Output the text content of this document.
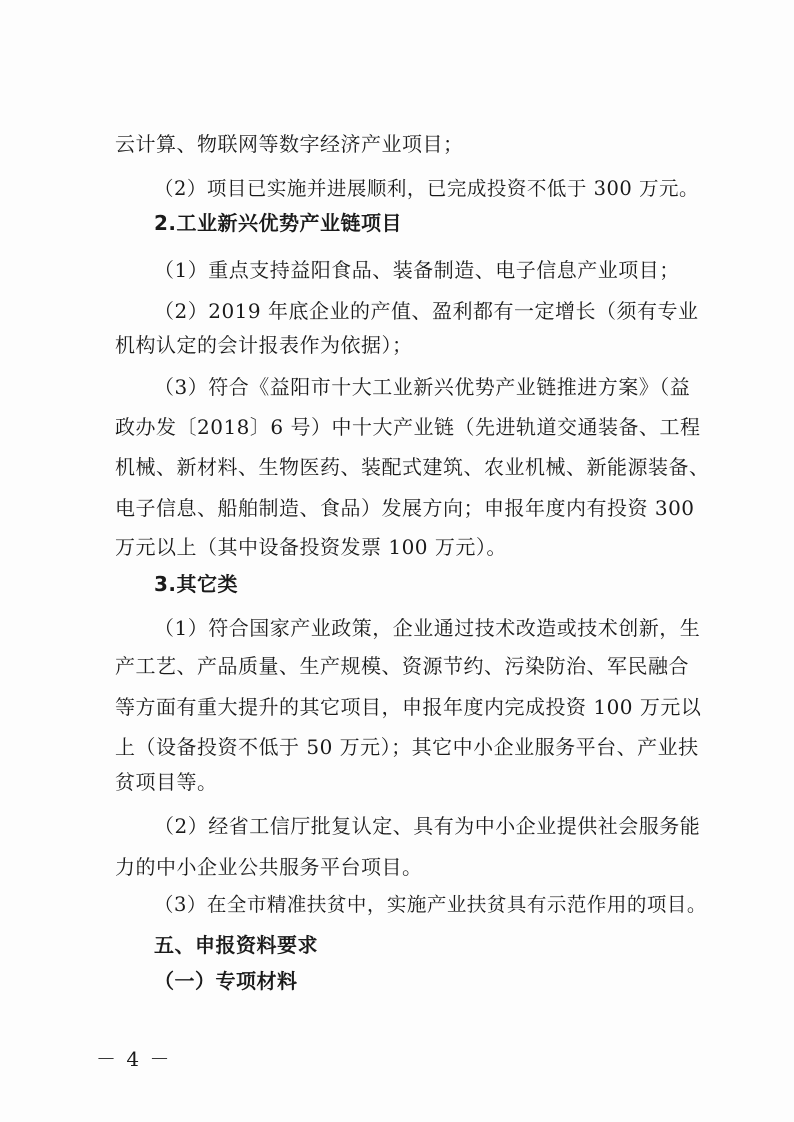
云计算、物联网等数字经济产业项目；
（2）项目已实施并进展顺利，已完成投资不低于 300 万元。
2.工业新兴优势产业链项目
（1）重点支持益阳食品、装备制造、电子信息产业项目；
（2）2019 年底企业的产值、盈利都有一定增长（须有专业
机构认定的会计报表作为依据）；
（3）符合《益阳市十大工业新兴优势产业链推进方案》（益
政办发〔2018〕6 号）中十大产业链（先进轨道交通装备、工程
机械、新材料、生物医药、装配式建筑、农业机械、新能源装备、
电子信息、船舶制造、食品）发展方向；申报年度内有投资 300
万元以上（其中设备投资发票 100 万元）。
3.其它类
（1）符合国家产业政策，企业通过技术改造或技术创新，生
产工艺、产品质量、生产规模、资源节约、污染防治、军民融合
等方面有重大提升的其它项目，申报年度内完成投资 100 万元以
上（设备投资不低于 50 万元）；其它中小企业服务平台、产业扶
贫项目等。
（2）经省工信厅批复认定、具有为中小企业提供社会服务能
力的中小企业公共服务平台项目。
（3）在全市精准扶贫中，实施产业扶贫具有示范作用的项目。
五、申报资料要求
（一）专项材料
－ 4 －
